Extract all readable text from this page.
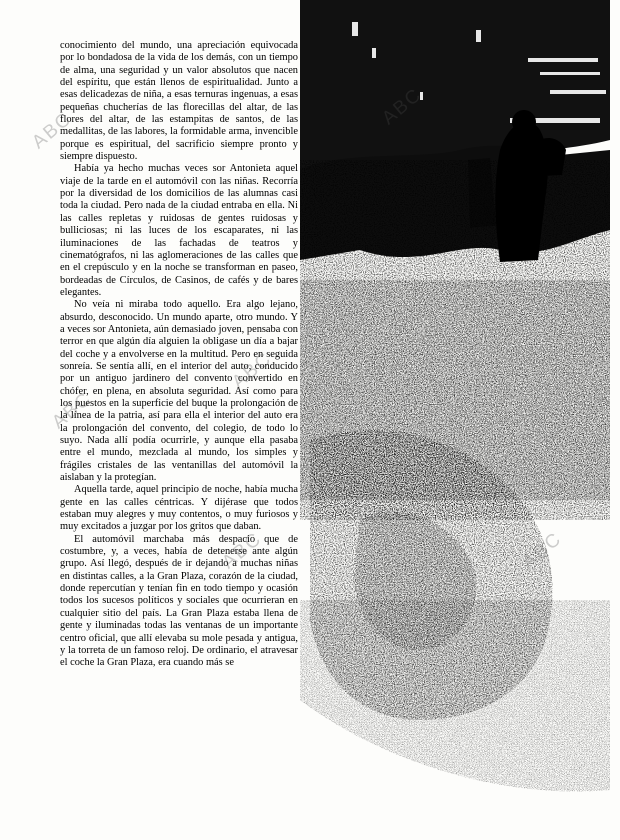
conocimiento del mundo, una apreciación equivocada por lo bondadosa de la vida de los demás, con un tiempo de alma, una seguridad y un valor absolutos que nacen del espíritu, que están llenos de espiritualidad. Junto a esas delicadezas de niña, a esas ternuras ingenuas, a esas pequeñas chucherías de las florecillas del altar, de las flores del altar, de las estampitas de santos, de las medallitas, de las labores, la formidable arma, invencible porque es espiritual, del sacrificio siempre pronto y siempre dispuesto.

Había ya hecho muchas veces sor Antonieta aquel viaje de la tarde en el automóvil con las niñas. Recorría por la diversidad de los domicilios de las alumnas casi toda la ciudad. Pero nada de la ciudad entraba en ella. Ni las calles repletas y ruidosas de gentes ruidosas y bulliciosas; ni las luces de los escaparates, ni las iluminaciones de las fachadas de teatros y cinematógrafos, ni las aglomeraciones de las calles que en el crepúsculo y en la noche se transforman en paseo, bordeadas de Círculos, de Casinos, de cafés y de bares elegantes.

No veía ni miraba todo aquello. Era algo lejano, absurdo, desconocido. Un mundo aparte, otro mundo. Y a veces sor Antonieta, aún demasiado joven, pensaba con terror en que algún día alguien la obligase un día a bajar del coche y a envolverse en la multitud. Pero en seguida sonreía. Se sentía allí, en el interior del auto, conducido por un antiguo jardinero del convento convertido en chófer, en plena, en absoluta seguridad. Así como para los puestos en la superficie del buque la prolongación de la línea de la patria, así para ella el interior del auto era la prolongación del convento, del colegio, de todo lo suyo. Nada allí podía ocurrirle, y aunque ella pasaba entre el mundo, mezclada al mundo, los simples y frágiles cristales de las ventanillas del automóvil la aislaban y la protegían.

Aquella tarde, aquel principio de noche, había mucha gente en las calles céntricas. Y dijérase que todos estaban muy alegres y muy contentos, o muy furiosos y muy excitados a juzgar por los gritos que daban.

El automóvil marchaba más despacio que de costumbre, y, a veces, había de detenerse ante algún grupo. Así llegó, después de ir dejando a muchas niñas en distintas calles, a la Gran Plaza, corazón de la ciudad, donde repercutían y tenían fin en todo tiempo y ocasión todos los sucesos políticos y sociales que ocurrieran en cualquier sitio del país. La Gran Plaza estaba llena de gente y iluminadas todas las ventanas de un importante centro oficial, que allí elevaba su mole pesada y antigua, y la torreta de un famoso reloj. De ordinario, el atravesar el coche la Gran Plaza, era cuando más se

ABC
ABC
ABC
ABC
ABC	ABC
